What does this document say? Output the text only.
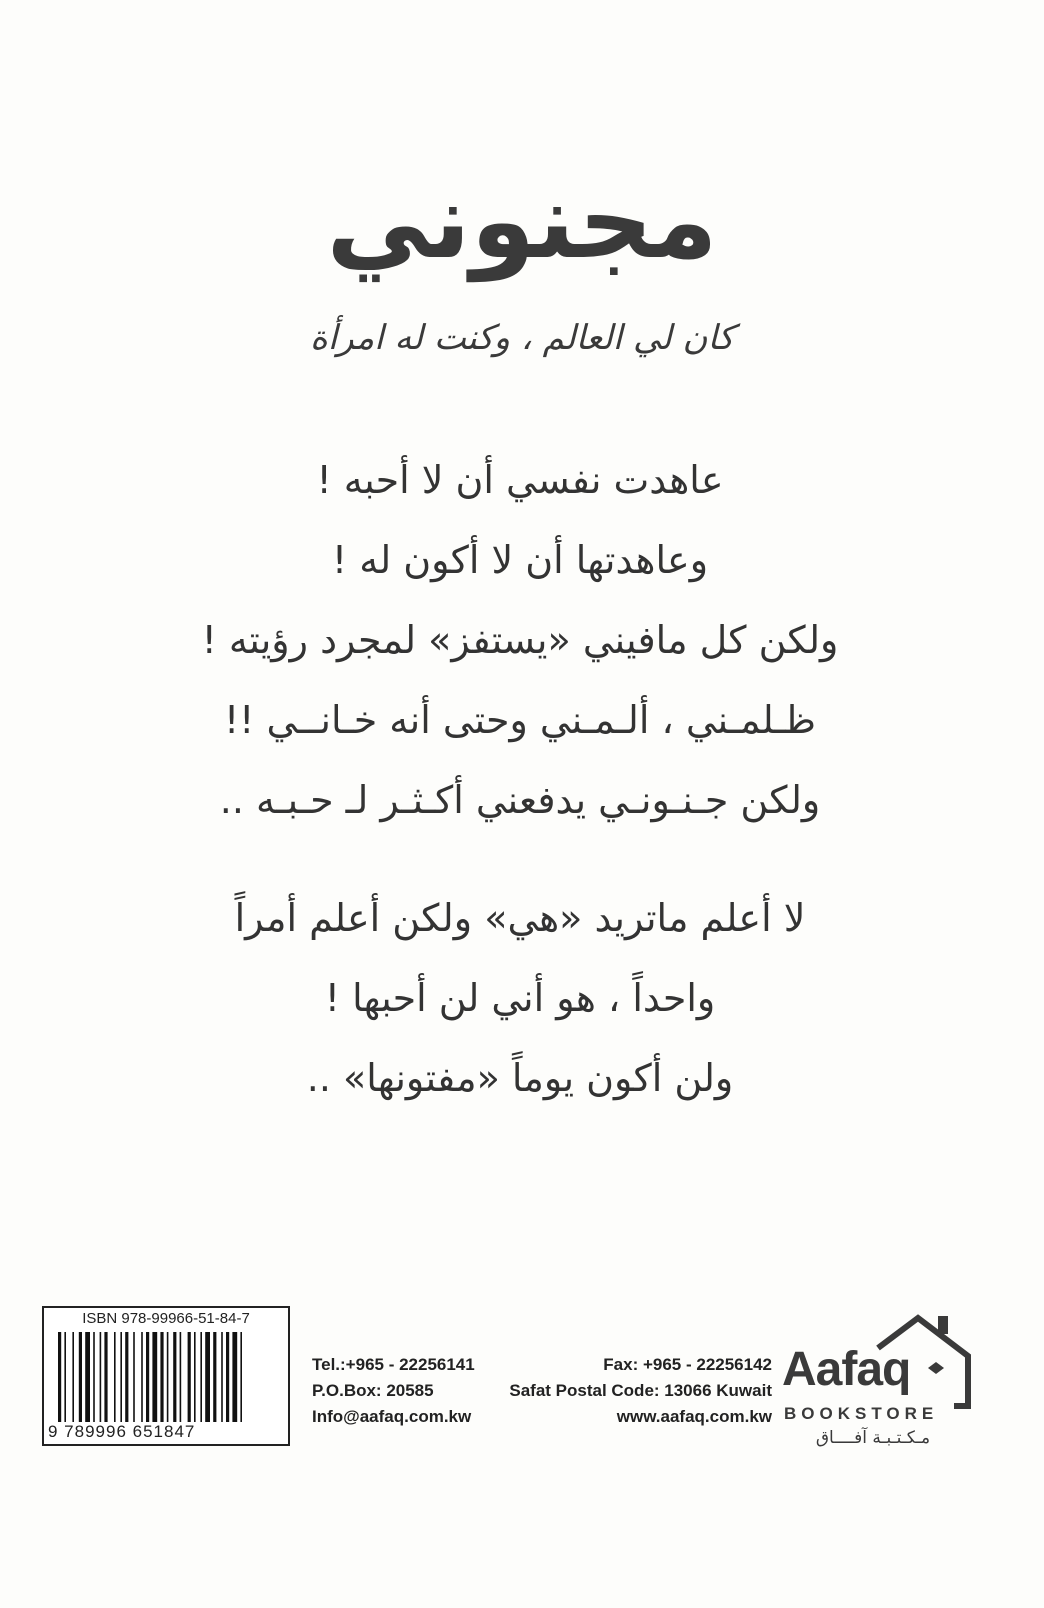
مجنوني
كان لي العالم ، وكنت له امرأة
عاهدت نفسي أن لا أحبه !
وعاهدتها أن لا أكون له !
ولكن كل مافيني «يستفز» لمجرد رؤيته !
ظـلمـني ، ألـمـني وحتى أنه خـانــي !!
ولكن جـنـونـي يدفعني أكـثـر لـ حـبـه ..
لا أعلم ماتريد «هي» ولكن أعلم أمراً
واحداً ، هو أني لن أحبها !
ولن أكون يوماً «مفتونها» ..
ISBN 978-99966-51-84-7
9 789996 651847
Tel.:+965 - 22256141	Fax: +965 - 22256142
P.O.Box: 20585	Safat Postal Code: 13066 Kuwait
Info@aafaq.com.kw	www.aafaq.com.kw
Aafaq
BOOKSTORE
مـكـتـبـة آفــــاق
